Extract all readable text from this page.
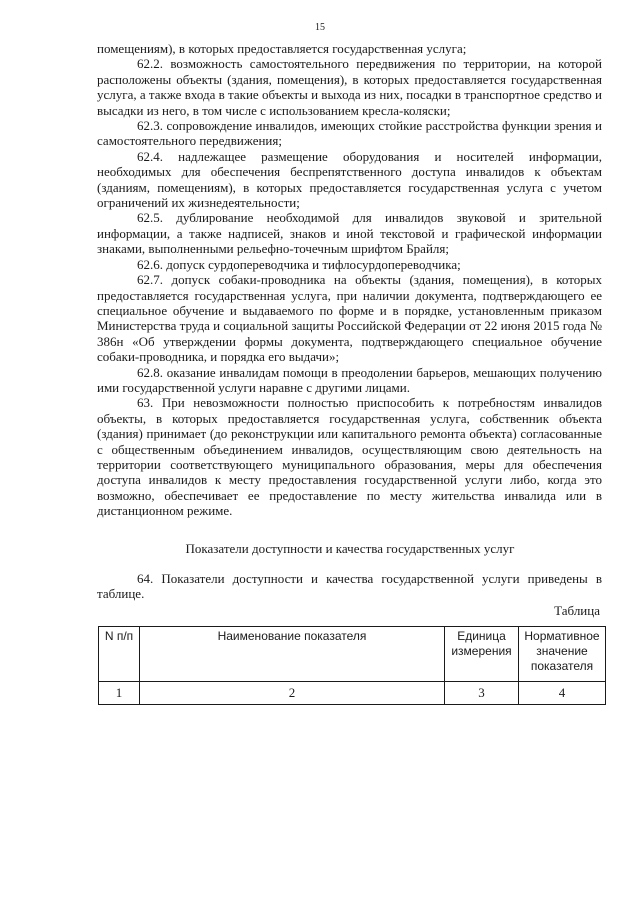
15

помещениям), в которых предоставляется государственная услуга;

62.2. возможность самостоятельного передвижения по территории, на которой расположены объекты (здания, помещения), в которых предоставляется государственная услуга, а также входа в такие объекты и выхода из них, посадки в транспортное средство и высадки из него, в том числе с использованием кресла-коляски;

62.3. сопровождение инвалидов, имеющих стойкие расстройства функции зрения и самостоятельного передвижения;

62.4. надлежащее размещение оборудования и носителей информации, необходимых для обеспечения беспрепятственного доступа инвалидов к объектам (зданиям, помещениям), в которых предоставляется государственная услуга с учетом ограничений их жизнедеятельности;

62.5. дублирование необходимой для инвалидов звуковой и зрительной информации, а также надписей, знаков и иной текстовой и графической информации знаками, выполненными рельефно-точечным шрифтом Брайля;

62.6. допуск сурдопереводчика и тифлосурдопереводчика;

62.7. допуск собаки-проводника на объекты (здания, помещения), в которых предоставляется государственная услуга, при наличии документа, подтверждающего ее специальное обучение и выдаваемого по форме и в порядке, установленным приказом Министерства труда и социальной защиты Российской Федерации от 22 июня 2015 года № 386н «Об утверждении формы документа, подтверждающего специальное обучение собаки-проводника, и порядка его выдачи»;

62.8. оказание инвалидам помощи в преодолении барьеров, мешающих получению ими государственной услуги наравне с другими лицами.

63. При невозможности полностью приспособить к потребностям инвалидов объекты, в которых предоставляется государственная услуга, собственник объекта (здания) принимает (до реконструкции или капитального ремонта объекта) согласованные с общественным объединением инвалидов, осуществляющим свою деятельность на территории соответствующего муниципального образования, меры для обеспечения доступа инвалидов к месту предоставления государственной услуги либо, когда это возможно, обеспечивает ее предоставление по месту жительства инвалида или в дистанционном режиме.

Показатели доступности и качества государственных услуг

64. Показатели доступности и качества государственной услуги приведены в таблице.

Таблица
N п/п	Наименование показателя	Единица измерения	Нормативное значение показателя
1	2	3	4
